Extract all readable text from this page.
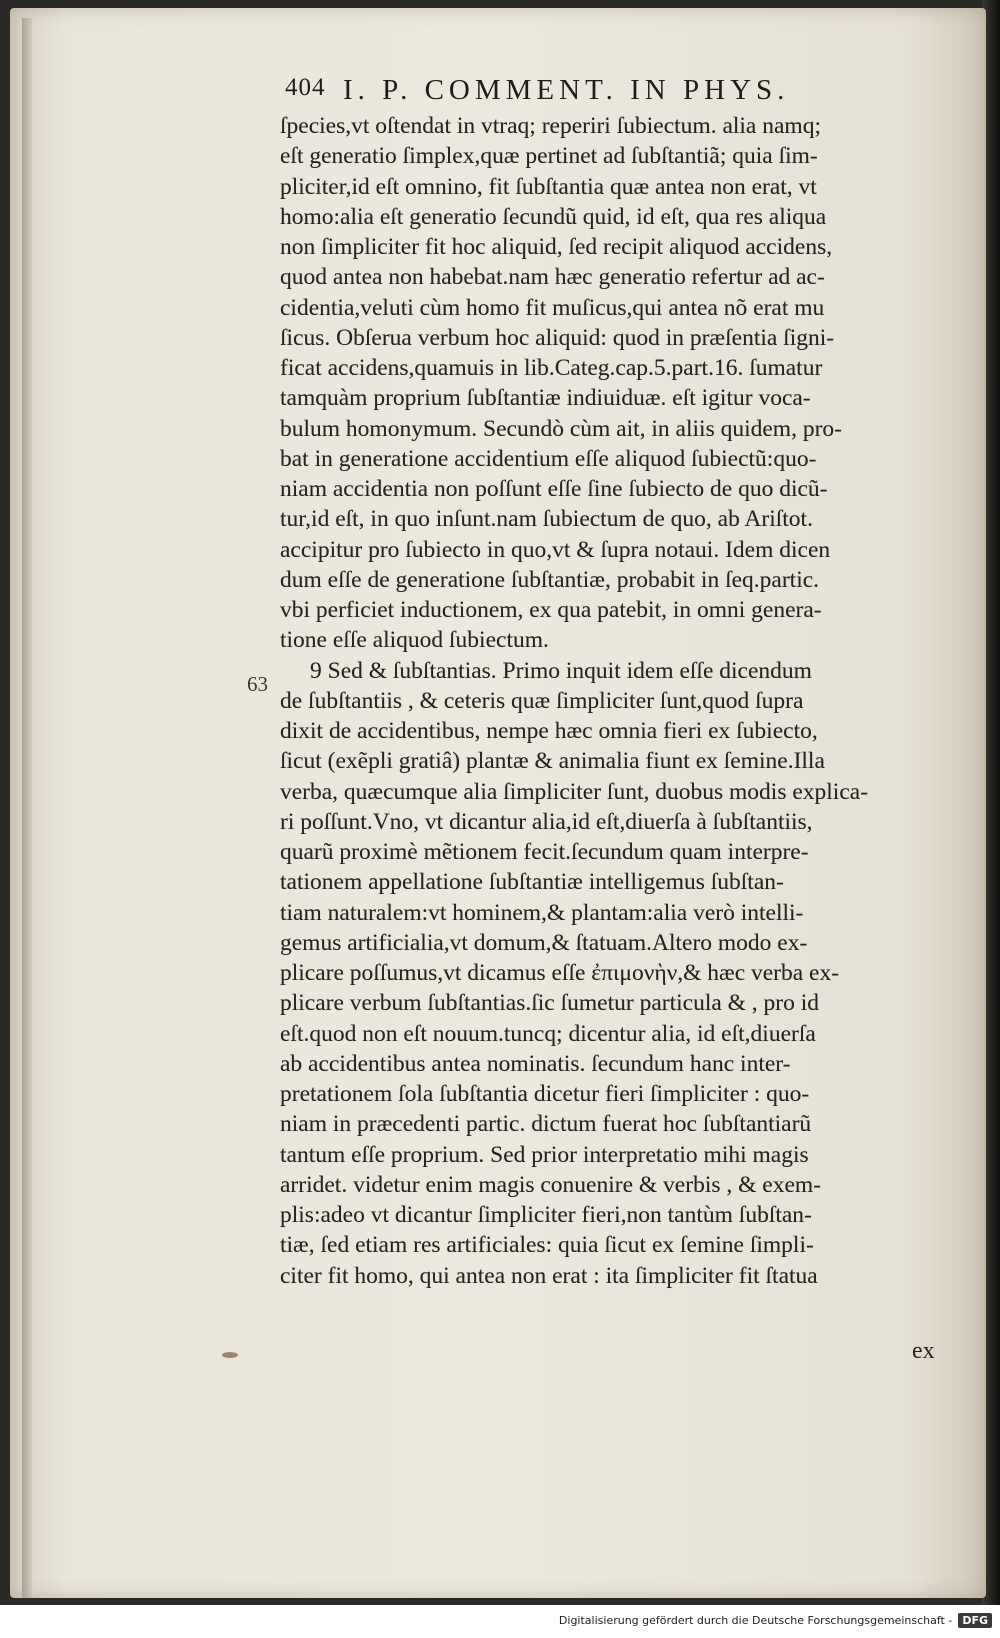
404 I. P. COMMENT. IN PHYS.
63
ſpecies,vt oſtendat in vtraq; reperiri ſubiectum. alia namq;
eſt generatio ſimplex,quæ pertinet ad ſubſtantiã; quia ſim-
pliciter,id eſt omnino, fit ſubſtantia quæ antea non erat, vt
homo:alia eſt generatio ſecundũ quid, id eſt, qua res aliqua
non ſimpliciter fit hoc aliquid, ſed recipit aliquod accidens,
quod antea non habebat.nam hæc generatio refertur ad ac-
cidentia,veluti cùm homo fit muſicus,qui antea nõ erat mu
ſicus. Obſerua verbum hoc aliquid: quod in præſentia ſigni-
ficat accidens,quamuis in lib.Categ.cap.5.part.16. ſumatur
tamquàm proprium ſubſtantiæ indiuiduæ. eſt igitur voca-
bulum homonymum. Secundò cùm ait, in aliis quidem, pro-
bat in generatione accidentium eſſe aliquod ſubiectũ:quo-
niam accidentia non poſſunt eſſe ſine ſubiecto de quo dicũ-
tur,id eſt, in quo inſunt.nam ſubiectum de quo, ab Ariſtot.
accipitur pro ſubiecto in quo,vt & ſupra notaui. Idem dicen
dum eſſe de generatione ſubſtantiæ, probabit in ſeq.partic.
vbi perficiet inductionem, ex qua patebit, in omni genera-
tione eſſe aliquod ſubiectum.
9 Sed & ſubſtantias. Primo inquit idem eſſe dicendum
de ſubſtantiis , & ceteris quæ ſimpliciter ſunt,quod ſupra
dixit de accidentibus, nempe hæc omnia fieri ex ſubiecto,
ſicut (exẽpli gratiâ) plantæ & animalia fiunt ex ſemine.Illa
verba, quæcumque alia ſimpliciter ſunt, duobus modis explica-
ri poſſunt.Vno, vt dicantur alia,id eſt,diuerſa à ſubſtantiis,
quarũ proximè mẽtionem fecit.ſecundum quam interpre-
tationem appellatione ſubſtantiæ intelligemus ſubſtan-
tiam naturalem:vt hominem,& plantam:alia verò intelli-
gemus artificialia,vt domum,& ſtatuam.Altero modo ex-
plicare poſſumus,vt dicamus eſſe ἐπιμονὴν,& hæc verba ex-
plicare verbum ſubſtantias.ſic ſumetur particula & , pro id
eſt.quod non eſt nouum.tuncq; dicentur alia, id eſt,diuerſa
ab accidentibus antea nominatis. ſecundum hanc inter-
pretationem ſola ſubſtantia dicetur fieri ſimpliciter : quo-
niam in præcedenti partic. dictum fuerat hoc ſubſtantiarũ
tantum eſſe proprium. Sed prior interpretatio mihi magis
arridet. videtur enim magis conuenire & verbis , & exem-
plis:adeo vt dicantur ſimpliciter fieri,non tantùm ſubſtan-
tiæ, ſed etiam res artificiales: quia ſicut ex ſemine ſimpli-
citer fit homo, qui antea non erat : ita ſimpliciter fit ſtatua
ex
Digitalisierung gefördert durch die Deutsche Forschungsgemeinschaft - DFG
